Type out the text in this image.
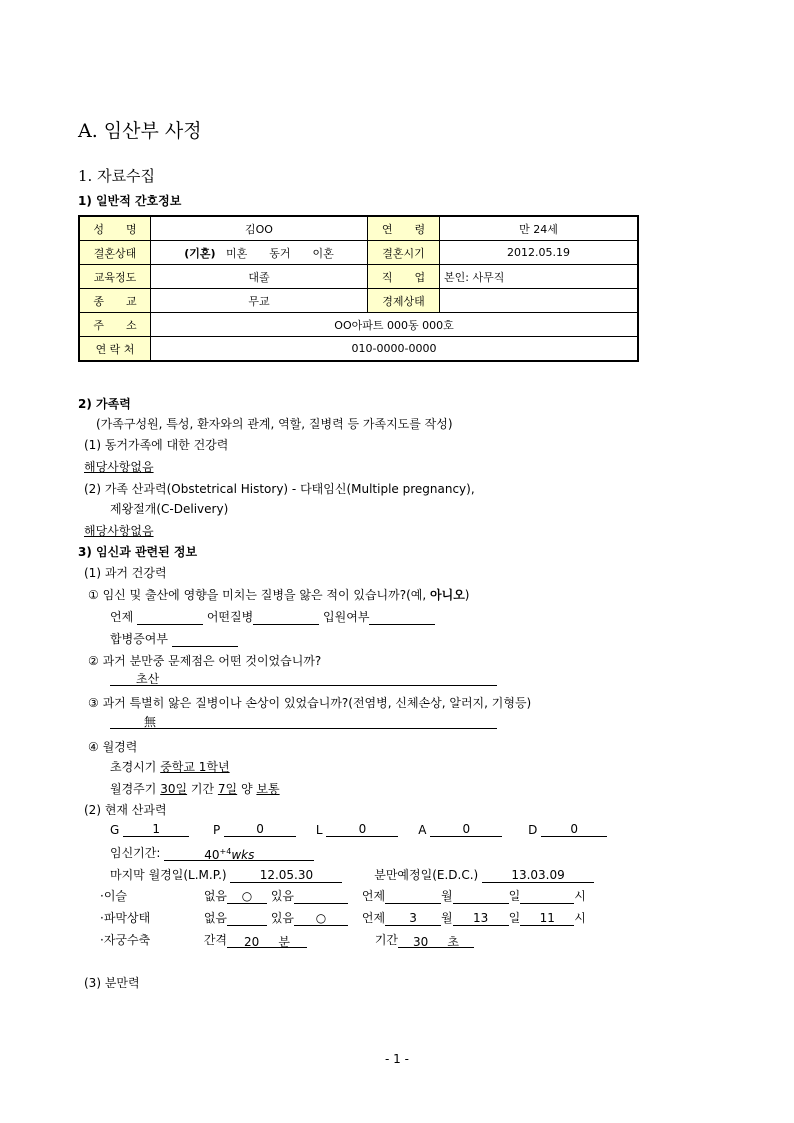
A. 임산부 사정
1. 자료수집
1) 일반적 간호정보
성　　명	김OO	연　　령	만 24세
결혼상태	(기혼) 미혼　　동거　　이혼	결혼시기	2012.05.19
교육정도	대졸	직　　업	본인: 사무직
종　　교	무교	경제상태	
주　　소	OO아파트 000동 000호		
연 락 처	010-0000-0000		
2) 가족력
(가족구성원, 특성, 환자와의 관계, 역할, 질병력 등 가족지도를 작성)
(1) 동거가족에 대한 건강력
해당사항없음
(2) 가족 산과력(Obstetrical History) - 다태임신(Multiple pregnancy),
제왕절개(C-Delivery)
해당사항없음
3) 임신과 관련된 정보
(1) 과거 건강력
① 임신 및 출산에 영향을 미치는 질병을 앓은 적이 있습니까?(예, 아니오)
언제	어떤질병	입원여부
합병증여부
② 과거 분만중 문제점은 어떤 것이었습니까?
초산
③ 과거 특별히 앓은 질병이나 손상이 있었습니까?(전염병, 신체손상, 알러지, 기형등)
無
④ 월경력
초경시기 중학교 1학년
월경주기 30일 기간 7일 양 보통
(2) 현재 산과력
G	1	P	0	L	0	A	0	D	0
임신기간:	$40^{+4}wks$
마지막 월경일(L.M.P.)	12.05.30	분만예정일(E.D.C.)	13.03.09
·이슬	없음 ○ 있음	언제	월	일	시
·파막상태	없음	있음 ○	언제 3 월 13 일 11 시
·자궁수축	간격 20 분	기간 30 초
(3) 분만력
- 1 -
